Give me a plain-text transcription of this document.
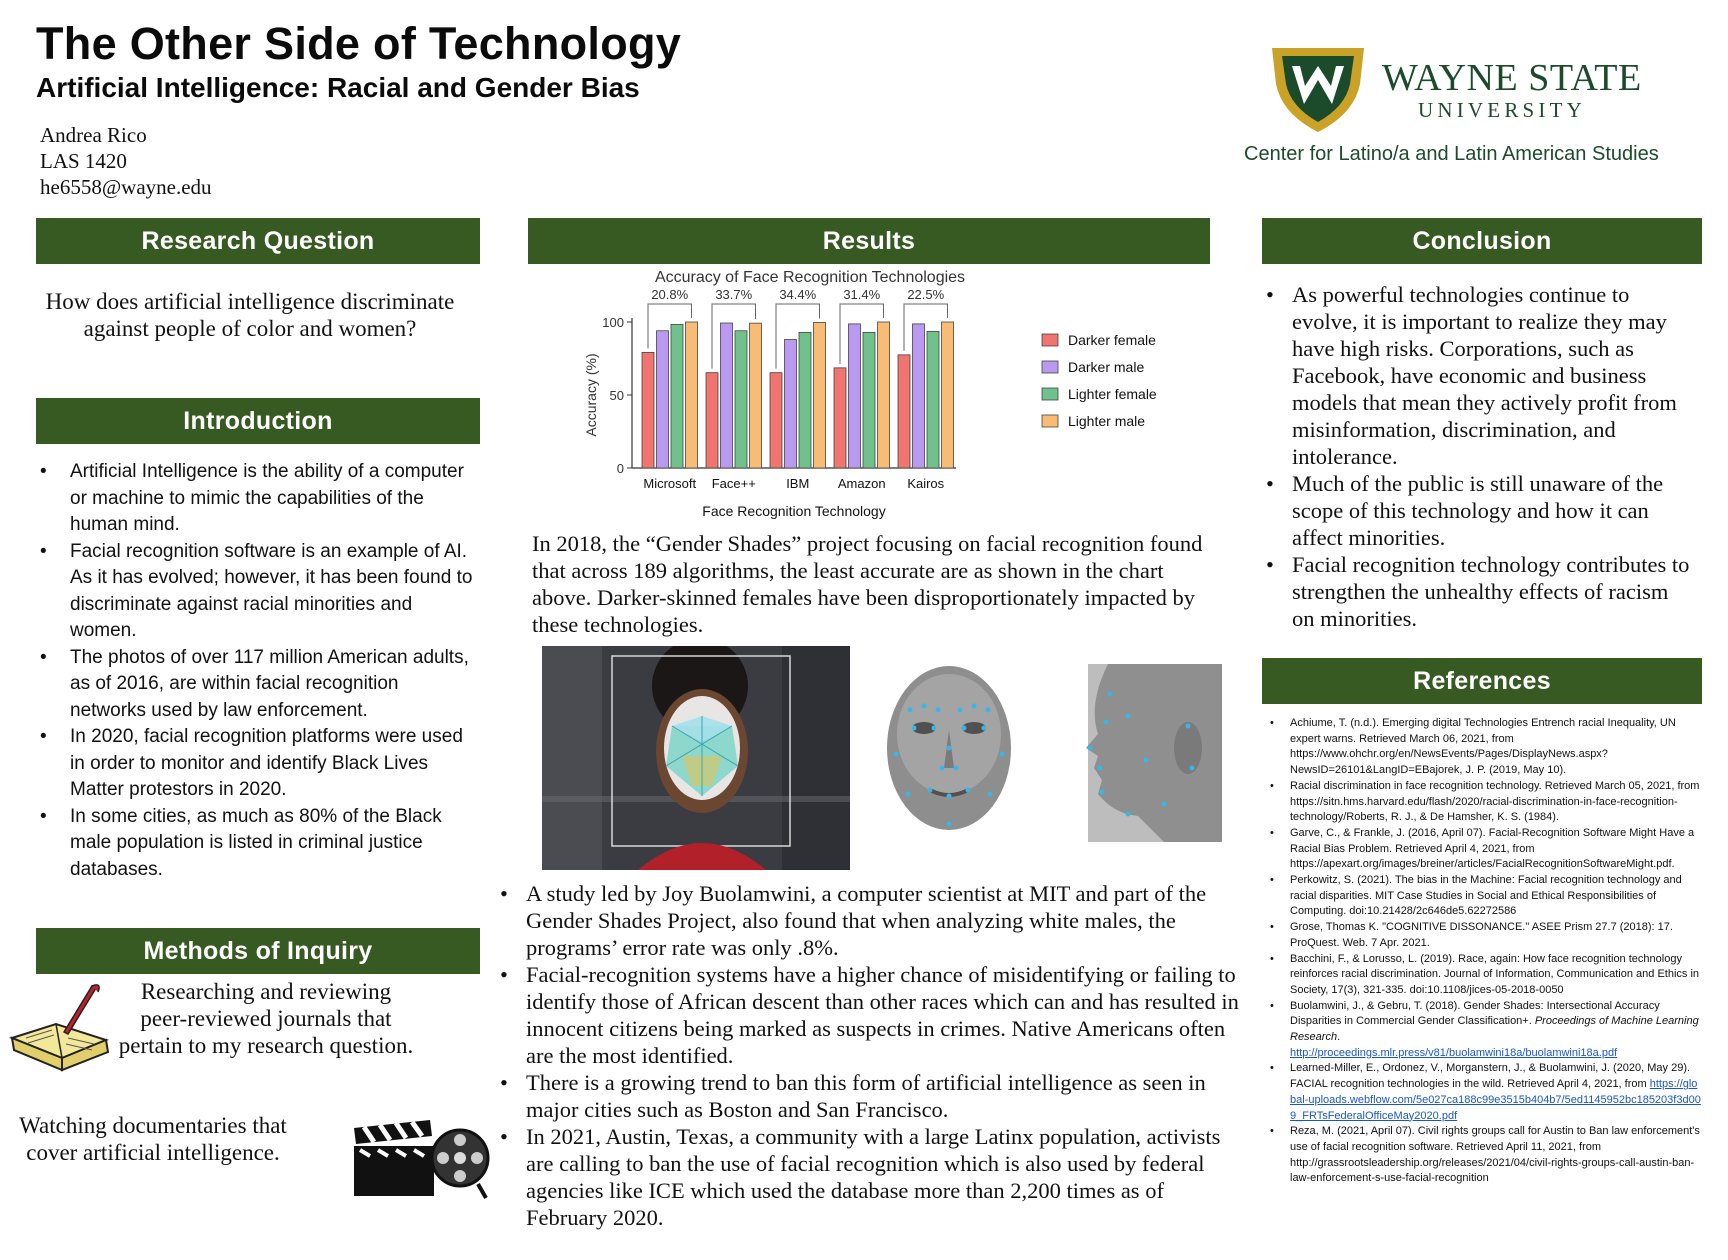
The Other Side of Technology
Artificial Intelligence: Racial and Gender Bias
Andrea Rico
LAS 1420
he6558@wayne.edu
WAYNE STATE
UNIVERSITY
Center for Latino/a and Latin American Studies
Research Question
How does artificial intelligence discriminate against people of color and women?
Introduction
• Artificial Intelligence is the ability of a computer or machine to mimic the capabilities of the human mind.
• Facial recognition software is an example of AI. As it has evolved; however, it has been found to discriminate against racial minorities and women.
• The photos of over 117 million American adults, as of 2016, are within facial recognition networks used by law enforcement.
• In 2020, facial recognition platforms were used in order to monitor and identify Black Lives Matter protestors in 2020.
• In some cities, as much as 80% of the Black male population is listed in criminal justice databases.
Methods of Inquiry
Researching and reviewing peer-reviewed journals that pertain to my research question.
Watching documentaries that cover artificial intelligence.
Results
Accuracy of Face Recognition Technologies
0
50
100
Accuracy (%)
Microsoft
20.8%
Face++
33.7%
IBM
34.4%
Amazon
31.4%
Kairos
22.5%
Face Recognition Technology
Darker female
Darker male
Lighter female
Lighter male
In 2018, the “Gender Shades” project focusing on facial recognition found that across 189 algorithms, the least accurate are as shown in the chart above. Darker-skinned females have been disproportionately impacted by these technologies.
• A study led by Joy Buolamwini, a computer scientist at MIT and part of the Gender Shades Project, also found that when analyzing white males, the programs’ error rate was only .8%.
• Facial-recognition systems have a higher chance of misidentifying or failing to identify those of African descent than other races which can and has resulted in innocent citizens being marked as suspects in crimes. Native Americans often are the most identified.
• There is a growing trend to ban this form of artificial intelligence as seen in major cities such as Boston and San Francisco.
• In 2021, Austin, Texas, a community with a large Latinx population, activists are calling to ban the use of facial recognition which is also used by federal agencies like ICE which used the database more than 2,200 times as of February 2020.
Conclusion
• As powerful technologies continue to evolve, it is important to realize they may have high risks. Corporations, such as Facebook, have economic and business models that mean they actively profit from misinformation, discrimination, and intolerance.
• Much of the public is still unaware of the scope of this technology and how it can affect minorities.
• Facial recognition technology contributes to strengthen the unhealthy effects of racism on minorities.
References
• Achiume, T. (n.d.). Emerging digital Technologies Entrench racial Inequality, UN expert warns. Retrieved March 06, 2021, from https://www.ohchr.org/en/NewsEvents/Pages/DisplayNews.aspx?NewsID=26101&LangID=EBajorek, J. P. (2019, May 10).
• Racial discrimination in face recognition technology. Retrieved March 05, 2021, from https://sitn.hms.harvard.edu/flash/2020/racial-discrimination-in-face-recognition-technology/Roberts, R. J., & De Hamsher, K. S. (1984).
• Garve, C., & Frankle, J. (2016, April 07). Facial-Recognition Software Might Have a Racial Bias Problem. Retrieved April 4, 2021, from https://apexart.org/images/breiner/articles/FacialRecognitionSoftwareMight.pdf.
• Perkowitz, S. (2021). The bias in the Machine: Facial recognition technology and racial disparities. MIT Case Studies in Social and Ethical Responsibilities of Computing. doi:10.21428/2c646de5.62272586
• Grose, Thomas K. "COGNITIVE DISSONANCE." ASEE Prism 27.7 (2018): 17. ProQuest. Web. 7 Apr. 2021.
• Bacchini, F., & Lorusso, L. (2019). Race, again: How face recognition technology reinforces racial discrimination. Journal of Information, Communication and Ethics in Society, 17(3), 321-335. doi:10.1108/jices-05-2018-0050
• Buolamwini, J., & Gebru, T. (2018). Gender Shades: Intersectional Accuracy Disparities in Commercial Gender Classification+. Proceedings of Machine Learning Research.
http://proceedings.mlr.press/v81/buolamwini18a/buolamwini18a.pdf
• Learned-Miller, E., Ordonez, V., Morganstern, J., & Buolamwini, J. (2020, May 29). FACIAL recognition technologies in the wild. Retrieved April 4, 2021, from https://global-uploads.webflow.com/5e027ca188c99e3515b404b7/5ed1145952bc185203f3d009_FRTsFederalOfficeMay2020.pdf
• Reza, M. (2021, April 07). Civil rights groups call for Austin to Ban law enforcement's use of facial recognition software. Retrieved April 11, 2021, from http://grassrootsleadership.org/releases/2021/04/civil-rights-groups-call-austin-ban-law-enforcement-s-use-facial-recognition
